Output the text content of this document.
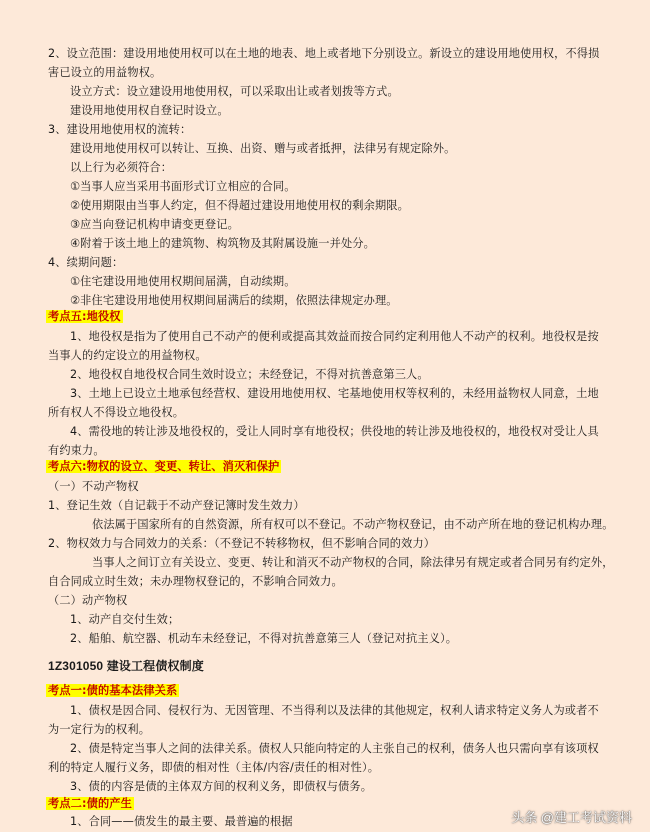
2、设立范围：建设用地使用权可以在土地的地表、地上或者地下分别设立。新设立的建设用地使用权，不得损
害已设立的用益物权。
设立方式：设立建设用地使用权，可以采取出让或者划拨等方式。
建设用地使用权自登记时设立。
3、建设用地使用权的流转：
建设用地使用权可以转让、互换、出资、赠与或者抵押，法律另有规定除外。
以上行为必须符合：
①当事人应当采用书面形式订立相应的合同。
②使用期限由当事人约定，但不得超过建设用地使用权的剩余期限。
③应当向登记机构申请变更登记。
④附着于该土地上的建筑物、构筑物及其附属设施一并处分。
4、续期问题：
①住宅建设用地使用权期间届满，自动续期。
②非住宅建设用地使用权期间届满后的续期，依照法律规定办理。
考点五:地役权
1、地役权是指为了使用自己不动产的便利或提高其效益而按合同约定利用他人不动产的权利。地役权是按
当事人的约定设立的用益物权。
2、地役权自地役权合同生效时设立；未经登记，不得对抗善意第三人。
3、土地上已设立土地承包经营权、建设用地使用权、宅基地使用权等权利的，未经用益物权人同意，土地
所有权人不得设立地役权。
4、需役地的转让涉及地役权的，受让人同时享有地役权；供役地的转让涉及地役权的，地役权对受让人具
有约束力。
考点六:物权的设立、变更、转让、消灭和保护
（一）不动产物权
1、登记生效（自记载于不动产登记簿时发生效力）
依法属于国家所有的自然资源，所有权可以不登记。不动产物权登记，由不动产所在地的登记机构办理。
2、物权效力与合同效力的关系：（不登记不转移物权，但不影响合同的效力）
当事人之间订立有关设立、变更、转让和消灭不动产物权的合同，除法律另有规定或者合同另有约定外，
自合同成立时生效；未办理物权登记的，不影响合同效力。
（二）动产物权
1、动产自交付生效；
2、船舶、航空器、机动车未经登记，不得对抗善意第三人（登记对抗主义）。
1Z301050 建设工程债权制度
考点一:债的基本法律关系
1、债权是因合同、侵权行为、无因管理、不当得利以及法律的其他规定，权利人请求特定义务人为或者不
为一定行为的权利。
2、债是特定当事人之间的法律关系。债权人只能向特定的人主张自己的权利，债务人也只需向享有该项权
利的特定人履行义务，即债的相对性（主体/内容/责任的相对性）。
3、债的内容是债的主体双方间的权利义务，即债权与债务。
考点二:债的产生
1、合同——债发生的最主要、最普遍的根据	头条 @建工考试资料
